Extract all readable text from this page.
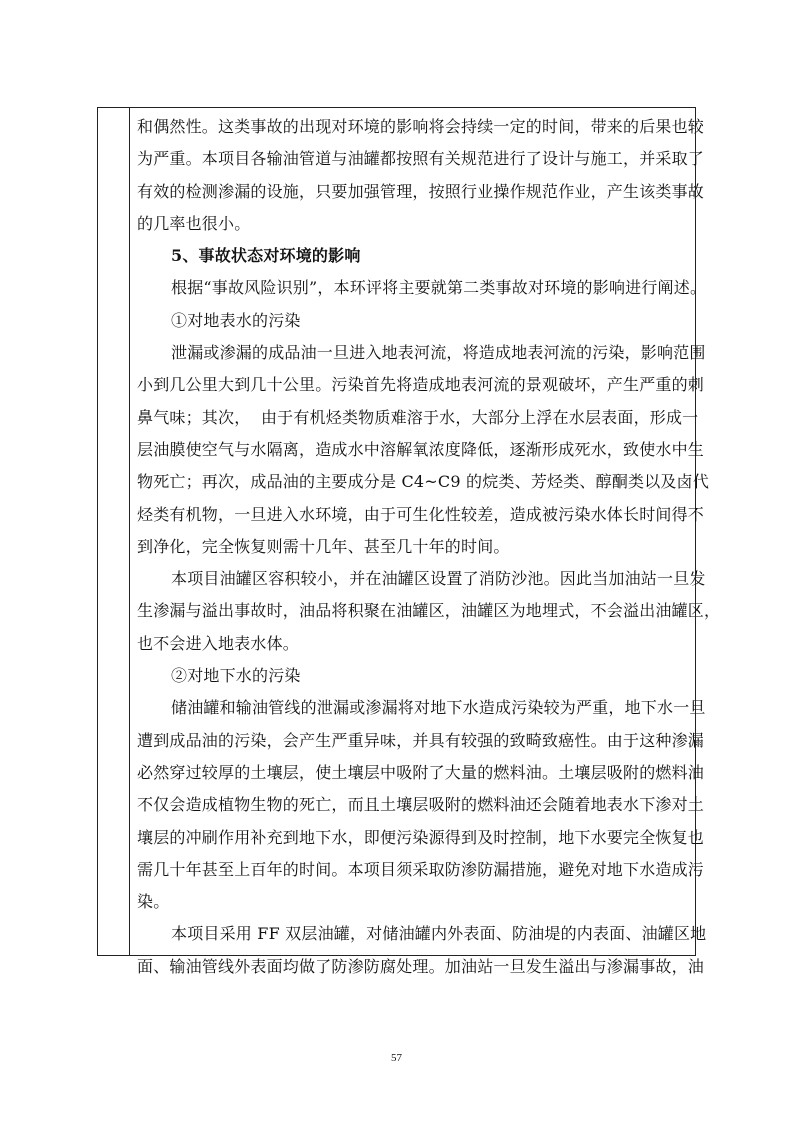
和偶然性。这类事故的出现对环境的影响将会持续一定的时间，带来的后果也较
为严重。本项目各输油管道与油罐都按照有关规范进行了设计与施工，并采取了
有效的检测渗漏的设施，只要加强管理，按照行业操作规范作业，产生该类事故
的几率也很小。
5、事故状态对环境的影响
根据“事故风险识别”，本环评将主要就第二类事故对环境的影响进行阐述。
①对地表水的污染
泄漏或渗漏的成品油一旦进入地表河流，将造成地表河流的污染，影响范围
小到几公里大到几十公里。污染首先将造成地表河流的景观破坏，产生严重的刺
鼻气味；其次，  由于有机烃类物质难溶于水，大部分上浮在水层表面，形成一
层油膜使空气与水隔离，造成水中溶解氧浓度降低，逐渐形成死水，致使水中生
物死亡；再次，成品油的主要成分是 C4~C9 的烷类、芳烃类、醇酮类以及卤代
烃类有机物，一旦进入水环境，由于可生化性较差，造成被污染水体长时间得不
到净化，完全恢复则需十几年、甚至几十年的时间。
本项目油罐区容积较小，并在油罐区设置了消防沙池。因此当加油站一旦发
生渗漏与溢出事故时，油品将积聚在油罐区，油罐区为地埋式，不会溢出油罐区，
也不会进入地表水体。
②对地下水的污染
储油罐和输油管线的泄漏或渗漏将对地下水造成污染较为严重，地下水一旦
遭到成品油的污染，会产生严重异味，并具有较强的致畸致癌性。由于这种渗漏
必然穿过较厚的土壤层，使土壤层中吸附了大量的燃料油。土壤层吸附的燃料油
不仅会造成植物生物的死亡，而且土壤层吸附的燃料油还会随着地表水下渗对土
壤层的冲刷作用补充到地下水，即便污染源得到及时控制，地下水要完全恢复也
需几十年甚至上百年的时间。本项目须采取防渗防漏措施，避免对地下水造成污
染。
本项目采用 FF 双层油罐，对储油罐内外表面、防油堤的内表面、油罐区地
面、输油管线外表面均做了防渗防腐处理。加油站一旦发生溢出与渗漏事故，油
57
